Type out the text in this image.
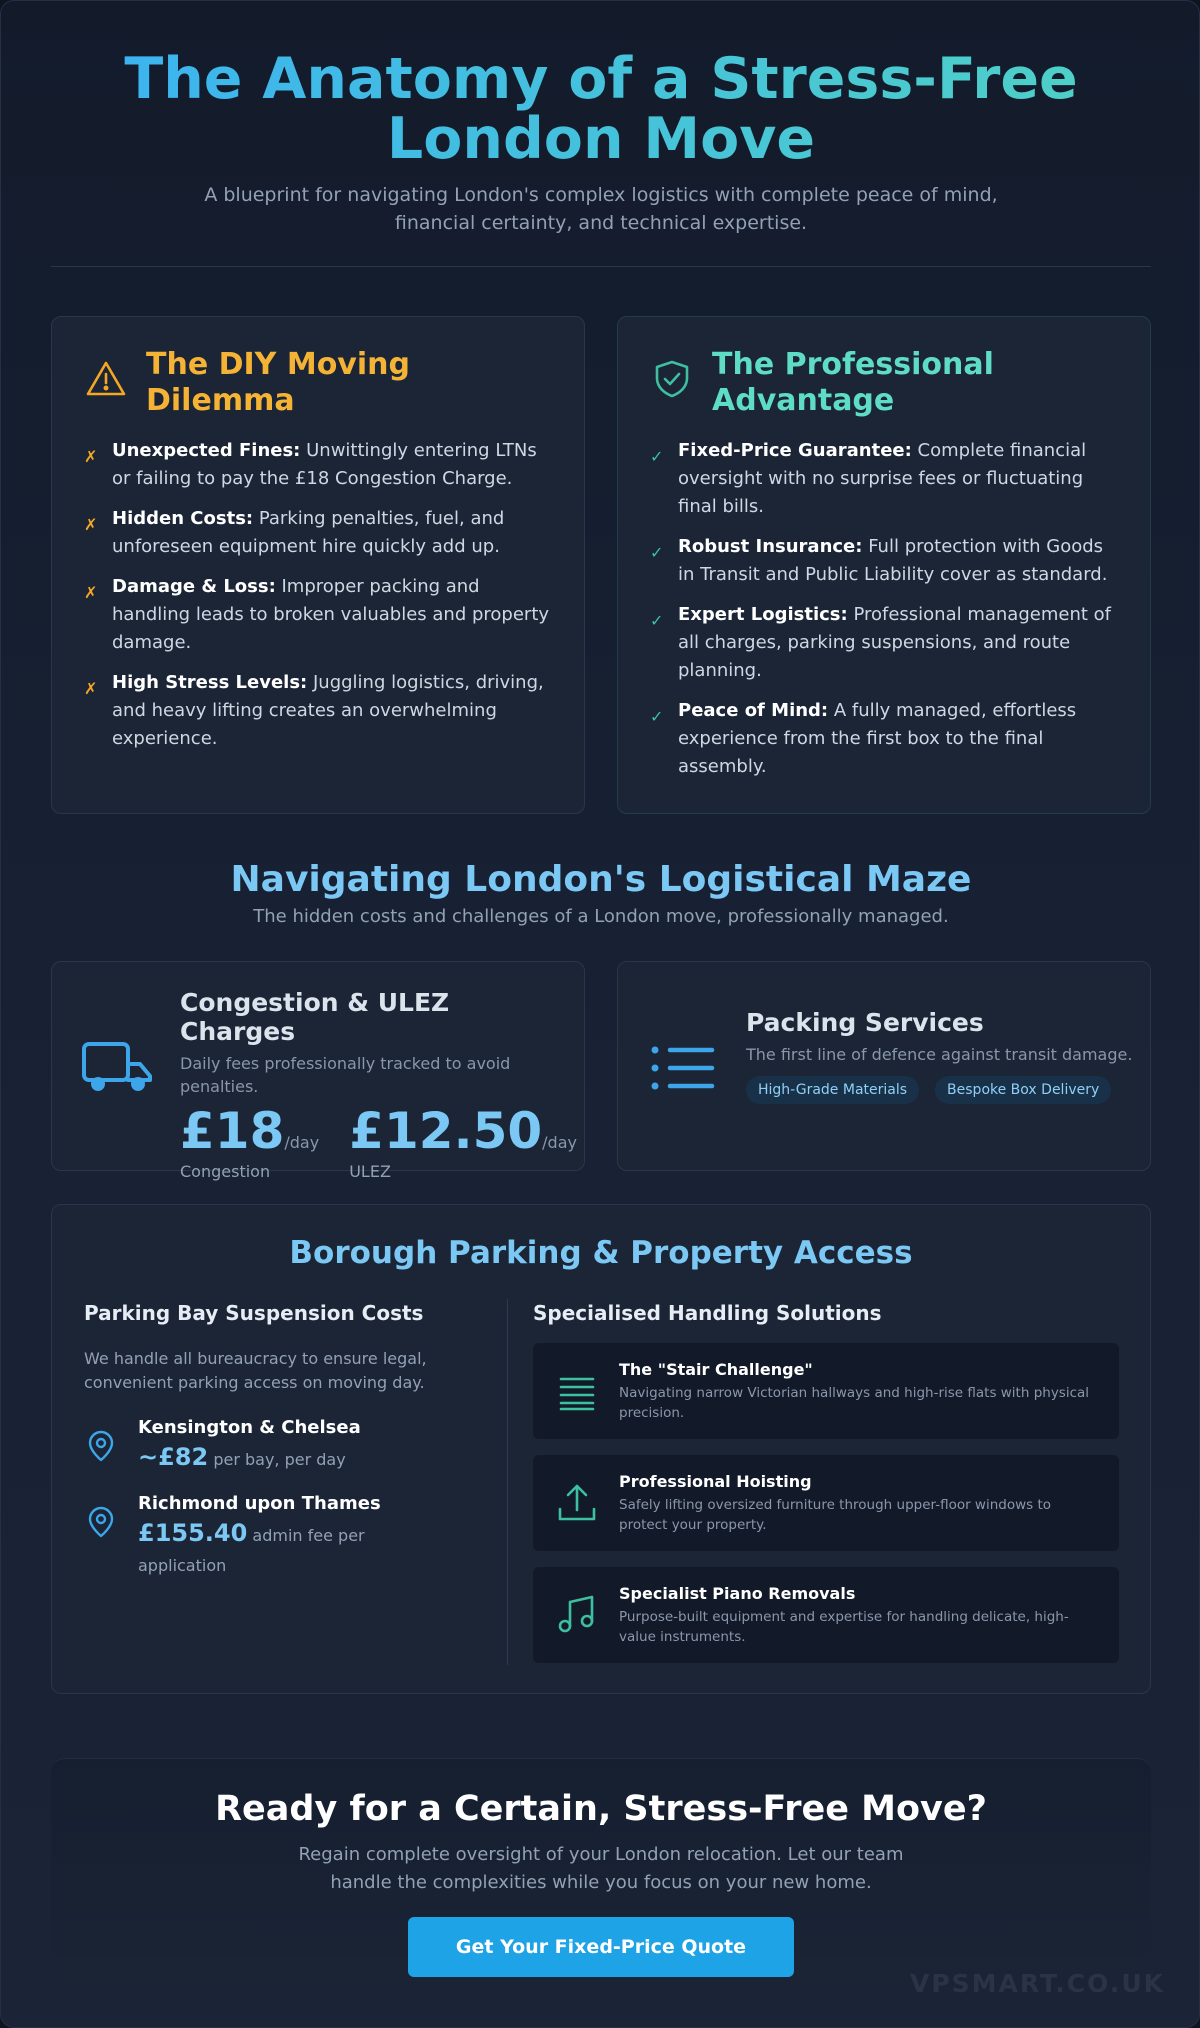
The Anatomy of a Stress-Free London Move

A blueprint for navigating London's complex logistics with complete peace of mind, financial certainty, and technical expertise.

The DIY Moving Dilemma
✗ Unexpected Fines: Unwittingly entering LTNs or failing to pay the £18 Congestion Charge.
✗ Hidden Costs: Parking penalties, fuel, and unforeseen equipment hire quickly add up.
✗ Damage & Loss: Improper packing and handling leads to broken valuables and property damage.
✗ High Stress Levels: Juggling logistics, driving, and heavy lifting creates an overwhelming experience.
The Professional Advantage
✓ Fixed-Price Guarantee: Complete financial oversight with no surprise fees or fluctuating final bills.
✓ Robust Insurance: Full protection with Goods in Transit and Public Liability cover as standard.
✓ Expert Logistics: Professional management of all charges, parking suspensions, and route planning.
✓ Peace of Mind: A fully managed, effortless experience from the first box to the final assembly.
Navigating London's Logistical Maze

The hidden costs and challenges of a London move, professionally managed.

Congestion & ULEZ Charges
Daily fees professionally tracked to avoid penalties.
£18/day
Congestion
£12.50/day
ULEZ
Packing Services
The first line of defence against transit damage.
High-Grade Materials	Bespoke Box Delivery
Borough Parking & Property Access
Parking Bay Suspension Costs
We handle all bureaucracy to ensure legal, convenient parking access on moving day.
Kensington & Chelsea
~£82 per bay, per day
Richmond upon Thames
£155.40 admin fee per application
Specialised Handling Solutions
The "Stair Challenge"
Navigating narrow Victorian hallways and high-rise flats with physical precision.
Professional Hoisting
Safely lifting oversized furniture through upper-floor windows to protect your property.
Specialist Piano Removals
Purpose-built equipment and expertise for handling delicate, high-value instruments.
Ready for a Certain, Stress-Free Move?

Regain complete oversight of your London relocation. Let our team handle the complexities while you focus on your new home.

Get Your Fixed-Price Quote
VPSMART.CO.UK
